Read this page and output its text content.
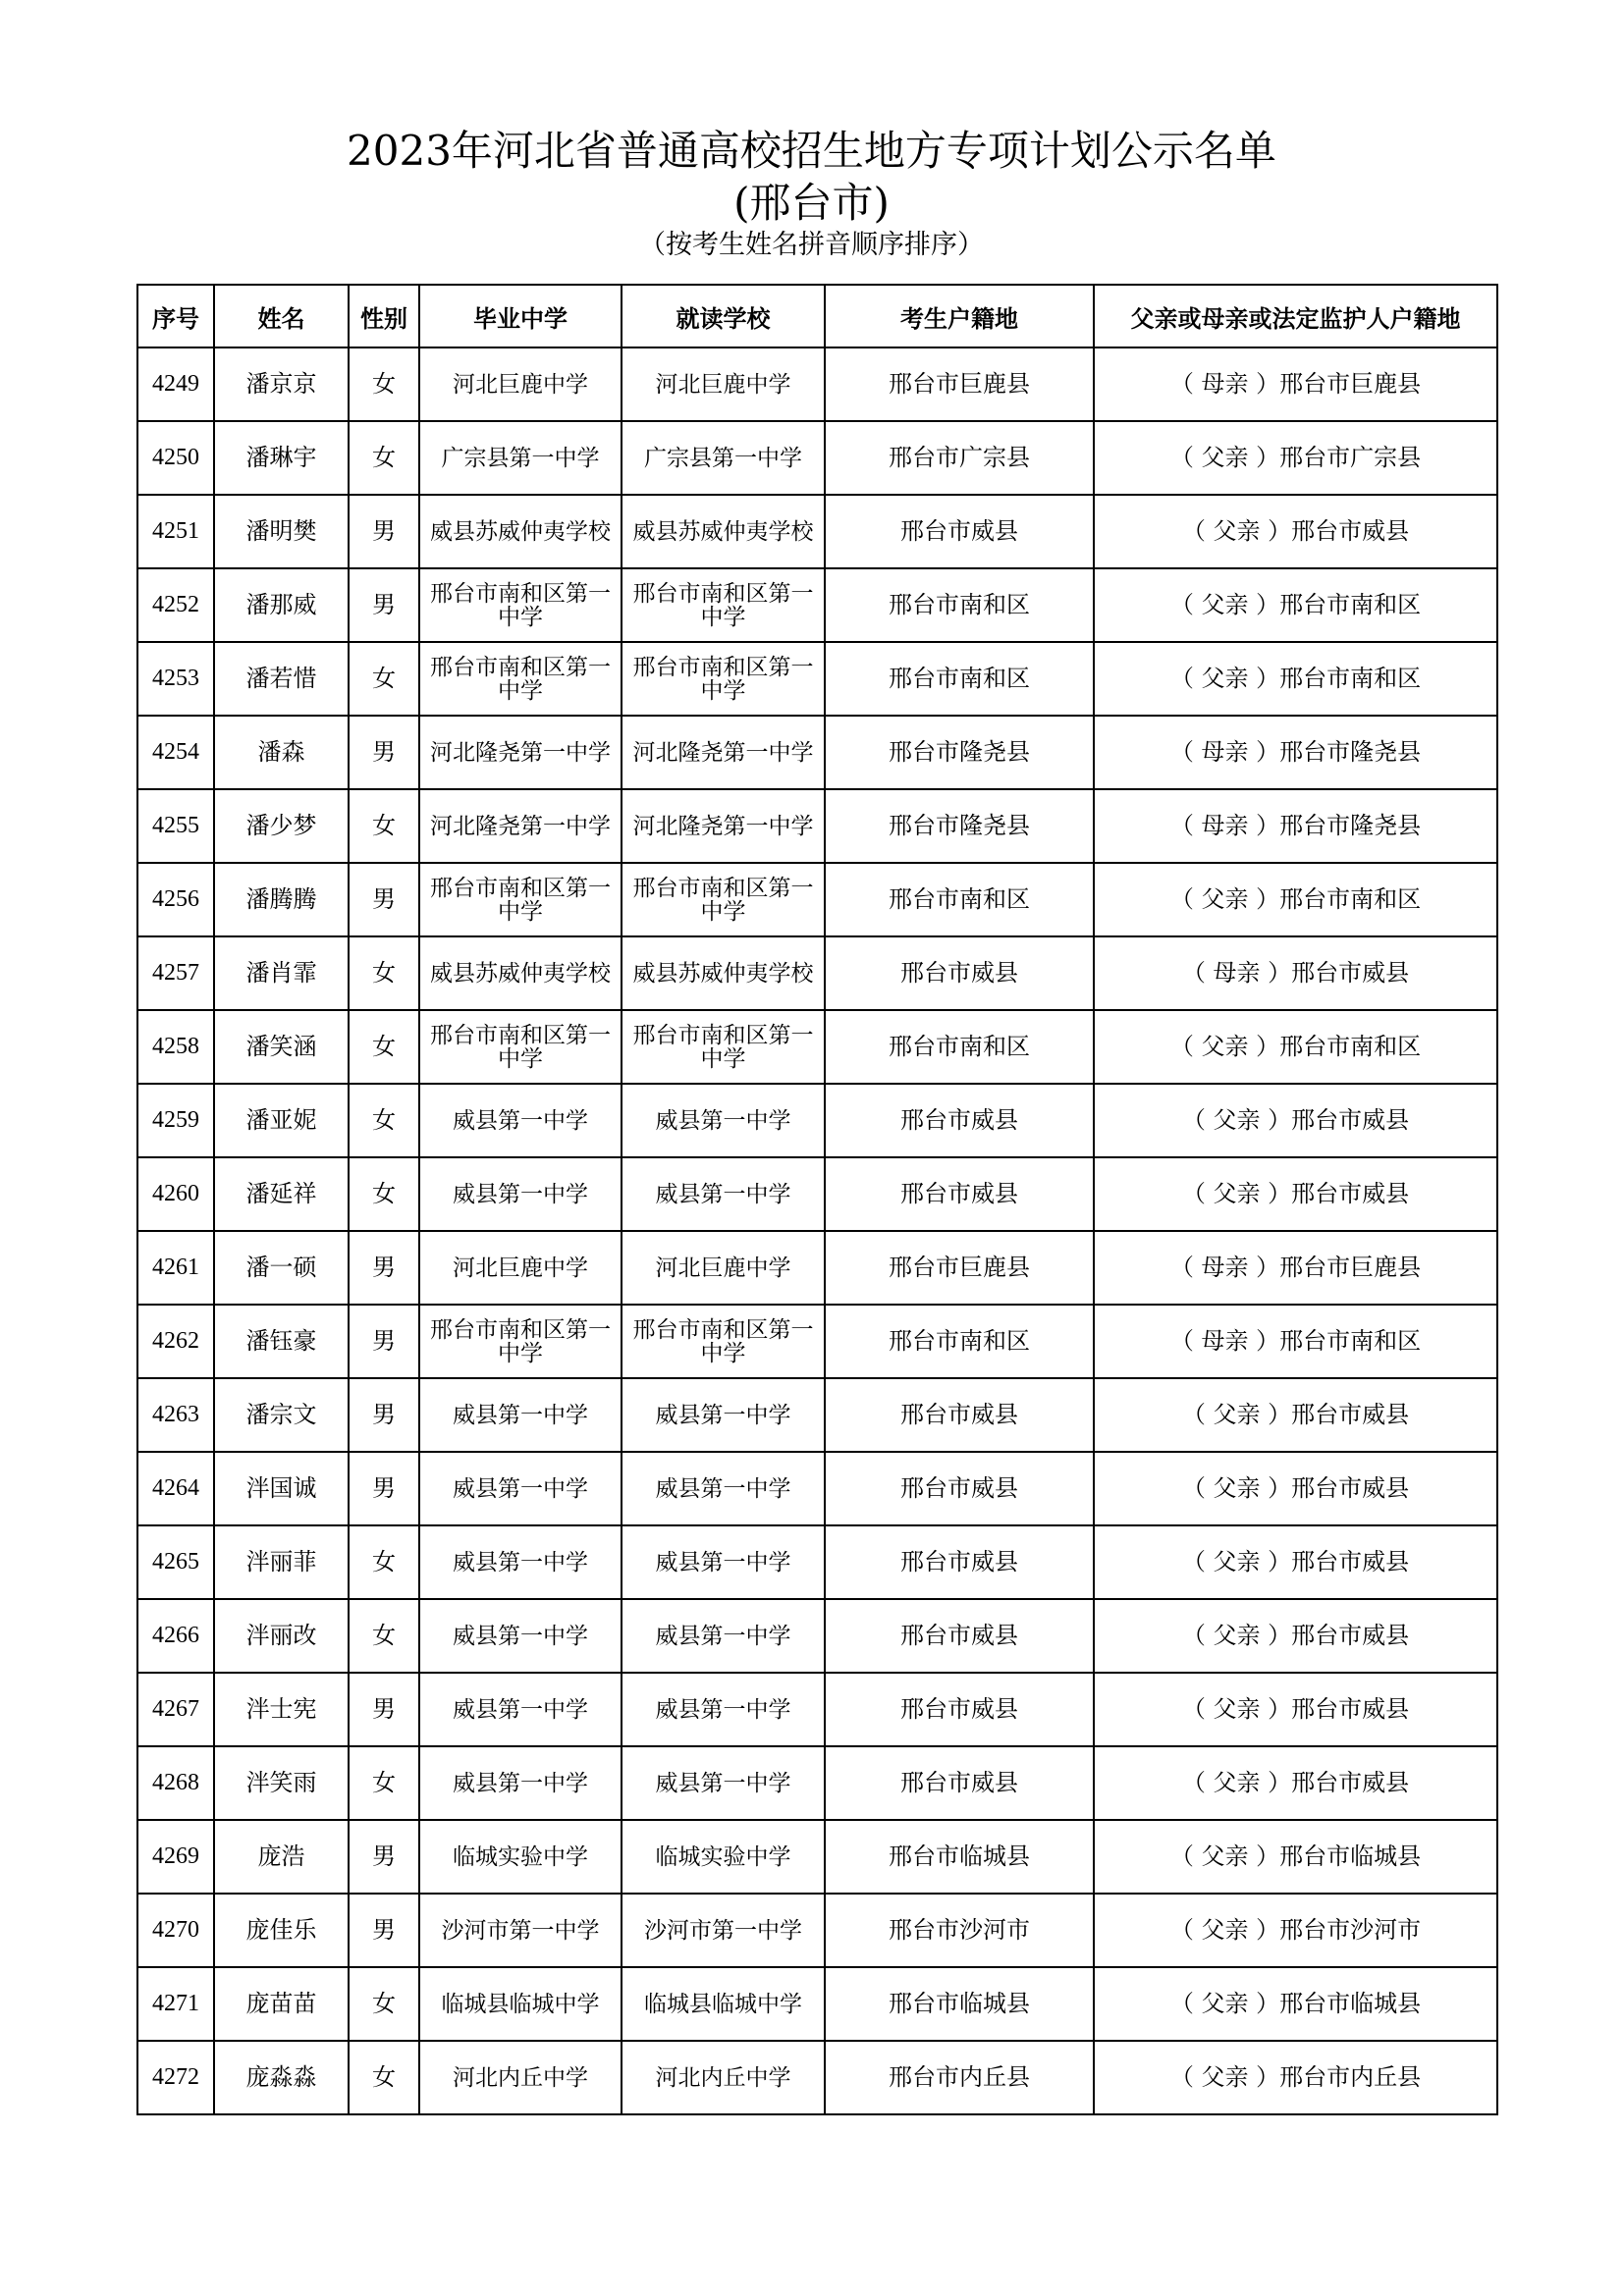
2023年河北省普通高校招生地方专项计划公示名单
(邢台市)
（按考生姓名拼音顺序排序）
序号	姓名	性别	毕业中学	就读学校	考生户籍地	父亲或母亲或法定监护人户籍地
4249	潘京京	女	河北巨鹿中学	河北巨鹿中学	邢台市巨鹿县	（ 母亲 ）邢台市巨鹿县
4250	潘琳宇	女	广宗县第一中学	广宗县第一中学	邢台市广宗县	（ 父亲 ）邢台市广宗县
4251	潘明樊	男	威县苏威仲夷学校	威县苏威仲夷学校	邢台市威县	（ 父亲 ）邢台市威县
4252	潘那威	男	邢台市南和区第一中学	邢台市南和区第一中学	邢台市南和区	（ 父亲 ）邢台市南和区
4253	潘若惜	女	邢台市南和区第一中学	邢台市南和区第一中学	邢台市南和区	（ 父亲 ）邢台市南和区
4254	潘森	男	河北隆尧第一中学	河北隆尧第一中学	邢台市隆尧县	（ 母亲 ）邢台市隆尧县
4255	潘少梦	女	河北隆尧第一中学	河北隆尧第一中学	邢台市隆尧县	（ 母亲 ）邢台市隆尧县
4256	潘腾腾	男	邢台市南和区第一中学	邢台市南和区第一中学	邢台市南和区	（ 父亲 ）邢台市南和区
4257	潘肖霏	女	威县苏威仲夷学校	威县苏威仲夷学校	邢台市威县	（ 母亲 ）邢台市威县
4258	潘笑涵	女	邢台市南和区第一中学	邢台市南和区第一中学	邢台市南和区	（ 父亲 ）邢台市南和区
4259	潘亚妮	女	威县第一中学	威县第一中学	邢台市威县	（ 父亲 ）邢台市威县
4260	潘延祥	女	威县第一中学	威县第一中学	邢台市威县	（ 父亲 ）邢台市威县
4261	潘一硕	男	河北巨鹿中学	河北巨鹿中学	邢台市巨鹿县	（ 母亲 ）邢台市巨鹿县
4262	潘钰豪	男	邢台市南和区第一中学	邢台市南和区第一中学	邢台市南和区	（ 母亲 ）邢台市南和区
4263	潘宗文	男	威县第一中学	威县第一中学	邢台市威县	（ 父亲 ）邢台市威县
4264	泮国诚	男	威县第一中学	威县第一中学	邢台市威县	（ 父亲 ）邢台市威县
4265	泮丽菲	女	威县第一中学	威县第一中学	邢台市威县	（ 父亲 ）邢台市威县
4266	泮丽改	女	威县第一中学	威县第一中学	邢台市威县	（ 父亲 ）邢台市威县
4267	泮士宪	男	威县第一中学	威县第一中学	邢台市威县	（ 父亲 ）邢台市威县
4268	泮笑雨	女	威县第一中学	威县第一中学	邢台市威县	（ 父亲 ）邢台市威县
4269	庞浩	男	临城实验中学	临城实验中学	邢台市临城县	（ 父亲 ）邢台市临城县
4270	庞佳乐	男	沙河市第一中学	沙河市第一中学	邢台市沙河市	（ 父亲 ）邢台市沙河市
4271	庞苗苗	女	临城县临城中学	临城县临城中学	邢台市临城县	（ 父亲 ）邢台市临城县
4272	庞淼淼	女	河北内丘中学	河北内丘中学	邢台市内丘县	（ 父亲 ）邢台市内丘县
